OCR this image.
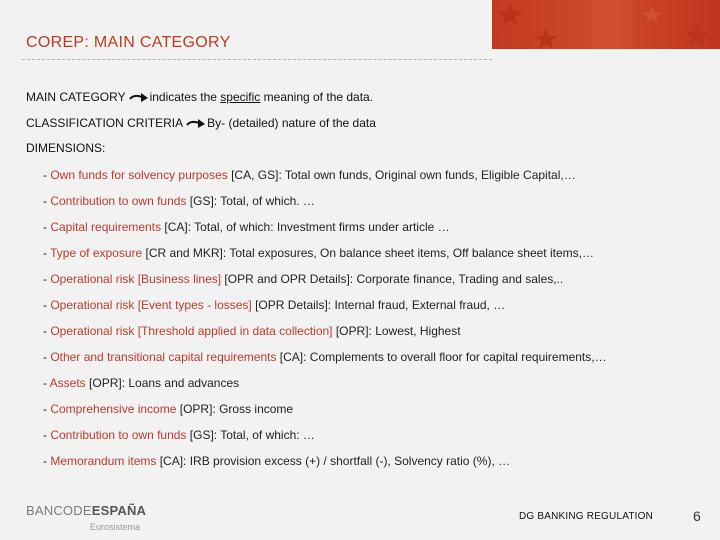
COREP: MAIN CATEGORY
MAIN CATEGORY indicates the specific meaning of the data.
CLASSIFICATION CRITERIA By- (detailed) nature of the data
DIMENSIONS:
- Own funds for solvency purposes [CA, GS]: Total own funds, Original own funds, Eligible Capital,…
- Contribution to own funds [GS]: Total, of which. …
- Capital requirements [CA]: Total, of which: Investment firms under article …
- Type of exposure [CR and MKR]: Total exposures, On balance sheet items, Off balance sheet items,…
- Operational risk [Business lines] [OPR and OPR Details]: Corporate finance, Trading and sales,..
- Operational risk [Event types - losses] [OPR Details]: Internal fraud, External fraud, …
- Operational risk [Threshold applied in data collection] [OPR]: Lowest, Highest
- Other and transitional capital requirements [CA]: Complements to overall floor for capital requirements,…
- Assets [OPR]: Loans and advances
- Comprehensive income [OPR]: Gross income
- Contribution to own funds [GS]: Total, of which: …
- Memorandum items [CA]: IRB provision excess (+) / shortfall (-), Solvency ratio (%), …
BANCODEESPAÑA
Eurosistema
DG BANKING REGULATION	6
